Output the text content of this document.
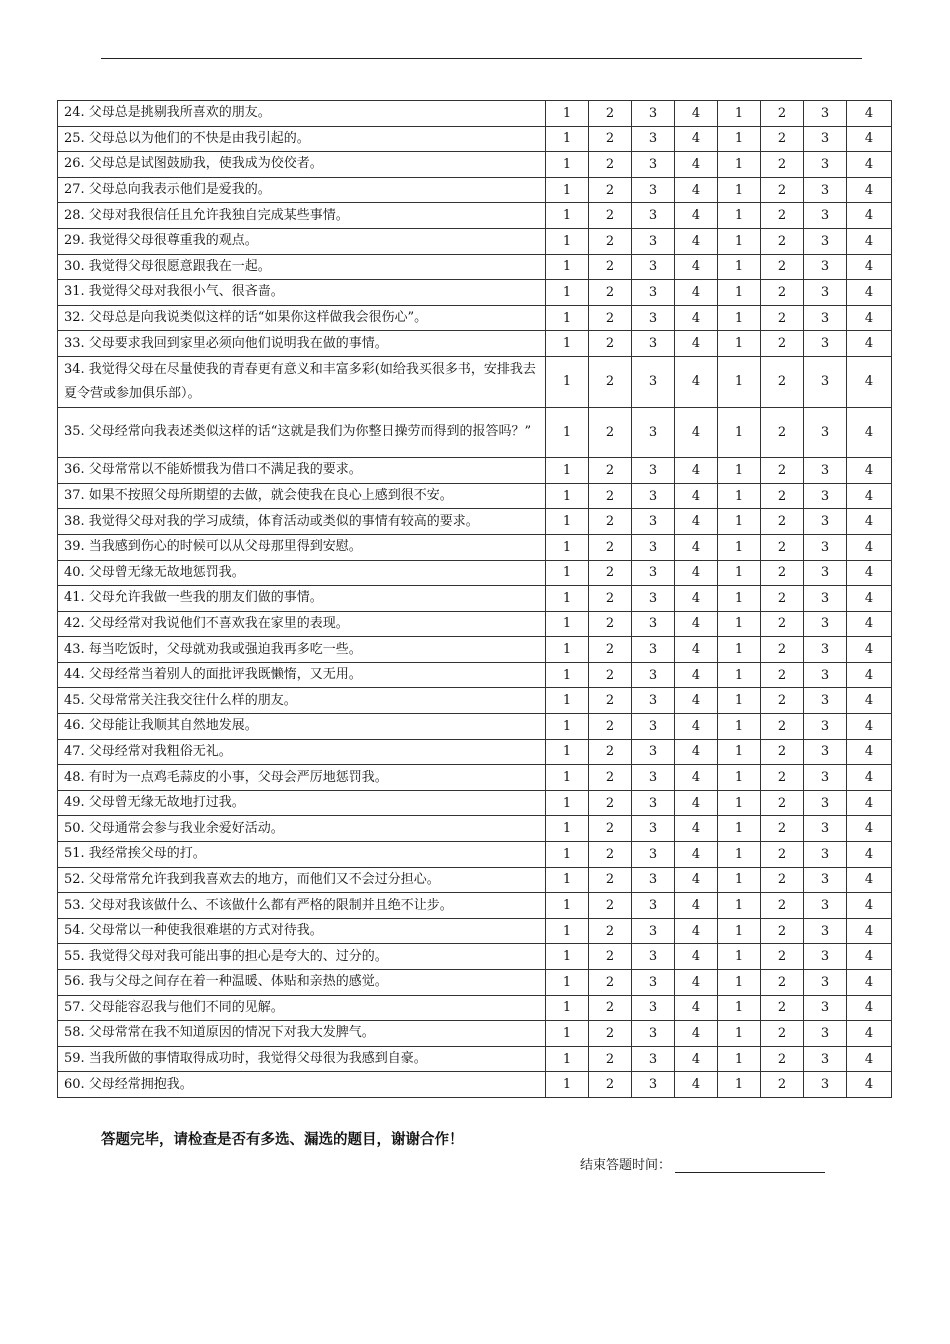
24. 父母总是挑剔我所喜欢的朋友。	1	2	3	4	1	2	3	4
25. 父母总以为他们的不快是由我引起的。	1	2	3	4	1	2	3	4
26. 父母总是试图鼓励我，使我成为佼佼者。	1	2	3	4	1	2	3	4
27. 父母总向我表示他们是爱我的。	1	2	3	4	1	2	3	4
28. 父母对我很信任且允许我独自完成某些事情。	1	2	3	4	1	2	3	4
29. 我觉得父母很尊重我的观点。	1	2	3	4	1	2	3	4
30. 我觉得父母很愿意跟我在一起。	1	2	3	4	1	2	3	4
31. 我觉得父母对我很小气、很吝啬。	1	2	3	4	1	2	3	4
32. 父母总是向我说类似这样的话“如果你这样做我会很伤心”。	1	2	3	4	1	2	3	4
33. 父母要求我回到家里必须向他们说明我在做的事情。	1	2	3	4	1	2	3	4
34. 我觉得父母在尽量使我的青春更有意义和丰富多彩(如给我买很多书，安排我去夏令营或参加俱乐部）。	1	2	3	4	1	2	3	4
35. 父母经常向我表述类似这样的话“这就是我们为你整日操劳而得到的报答吗？”	1	2	3	4	1	2	3	4
36. 父母常常以不能娇惯我为借口不满足我的要求。	1	2	3	4	1	2	3	4
37. 如果不按照父母所期望的去做，就会使我在良心上感到很不安。	1	2	3	4	1	2	3	4
38. 我觉得父母对我的学习成绩，体育活动或类似的事情有较高的要求。	1	2	3	4	1	2	3	4
39. 当我感到伤心的时候可以从父母那里得到安慰。	1	2	3	4	1	2	3	4
40. 父母曾无缘无故地惩罚我。	1	2	3	4	1	2	3	4
41. 父母允许我做一些我的朋友们做的事情。	1	2	3	4	1	2	3	4
42. 父母经常对我说他们不喜欢我在家里的表现。	1	2	3	4	1	2	3	4
43. 每当吃饭时，父母就劝我或强迫我再多吃一些。	1	2	3	4	1	2	3	4
44. 父母经常当着别人的面批评我既懒惰，又无用。	1	2	3	4	1	2	3	4
45. 父母常常关注我交往什么样的朋友。	1	2	3	4	1	2	3	4
46. 父母能让我顺其自然地发展。	1	2	3	4	1	2	3	4
47. 父母经常对我粗俗无礼。	1	2	3	4	1	2	3	4
48. 有时为一点鸡毛蒜皮的小事，父母会严厉地惩罚我。	1	2	3	4	1	2	3	4
49. 父母曾无缘无故地打过我。	1	2	3	4	1	2	3	4
50. 父母通常会参与我业余爱好活动。	1	2	3	4	1	2	3	4
51. 我经常挨父母的打。	1	2	3	4	1	2	3	4
52. 父母常常允许我到我喜欢去的地方，而他们又不会过分担心。	1	2	3	4	1	2	3	4
53. 父母对我该做什么、不该做什么都有严格的限制并且绝不让步。	1	2	3	4	1	2	3	4
54. 父母常以一种使我很难堪的方式对待我。	1	2	3	4	1	2	3	4
55. 我觉得父母对我可能出事的担心是夸大的、过分的。	1	2	3	4	1	2	3	4
56. 我与父母之间存在着一种温暖、体贴和亲热的感觉。	1	2	3	4	1	2	3	4
57. 父母能容忍我与他们不同的见解。	1	2	3	4	1	2	3	4
58. 父母常常在我不知道原因的情况下对我大发脾气。	1	2	3	4	1	2	3	4
59. 当我所做的事情取得成功时，我觉得父母很为我感到自豪。	1	2	3	4	1	2	3	4
60. 父母经常拥抱我。	1	2	3	4	1	2	3	4
答题完毕，请检查是否有多选、漏选的题目，谢谢合作！
结束答题时间：
